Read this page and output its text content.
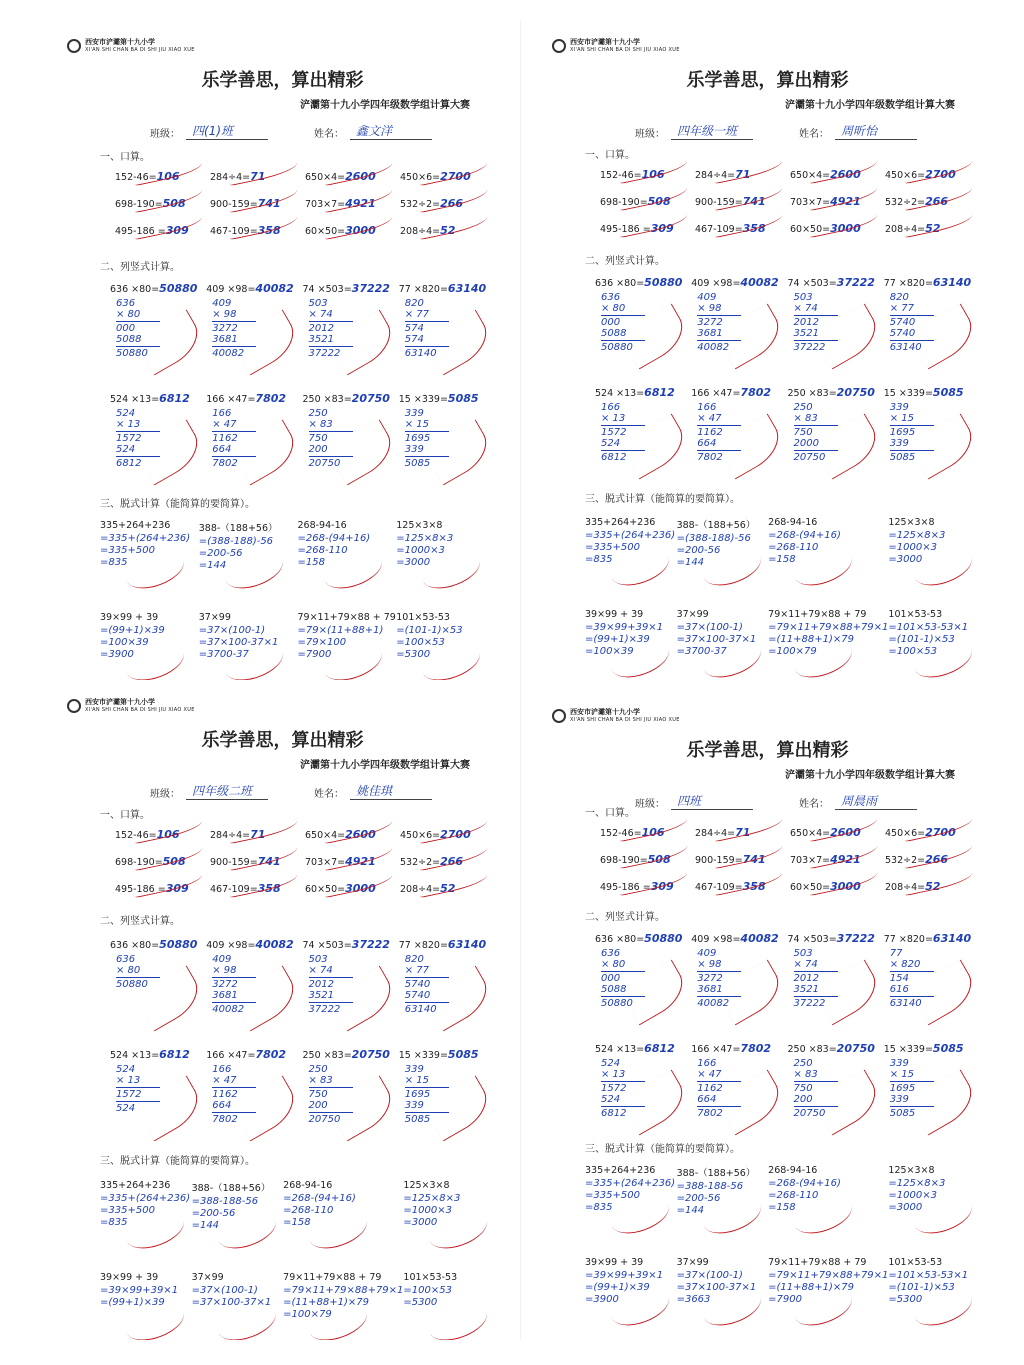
西安市浐灞第十九小学
XI'AN SHI CHAN BA DI SHI JIU XIAO XUE
乐学善思，算出精彩
浐灞第十九小学四年级数学组计算大赛
班级：	四(1)班	姓名：	鑫文洋
一、口算。
152-46=106	284÷4=71	650×4=2600	450×6=2700
698-190=508	900-159=741	703×7=4921	532÷2=266
495-186 =309	467-109=358	60×50=3000	208÷4=52
二、列竖式计算。
636 ×80=50880
636
× 80
000
5088
50880
409 ×98=40082
409
× 98
3272
3681
40082
74 ×503=37222
503
× 74
2012
3521
37222
77 ×820=63140
820
× 77
574
574
63140
524 ×13=6812
524
× 13
1572
524
6812
166 ×47=7802
166
× 47
1162
664
7802
250 ×83=20750
250
× 83
750
200
20750
15 ×339=5085
339
× 15
1695
339
5085
三、脱式计算（能简算的要简算）。
335+264+236
=335+(264+236)
=335+500
=835
388-（188+56）
=(388-188)-56
=200-56
=144
268-94-16
=268-(94+16)
=268-110
=158
125×3×8
=125×8×3
=1000×3
=3000
39×99 + 39
=(99+1)×39
=100×39
=3900
37×99
=37×(100-1)
=37×100-37×1
=3700-37
79×11+79×88 + 79
=79×(11+88+1)
=79×100
=7900
101×53-53
=(101-1)×53
=100×53
=5300
西安市浐灞第十九小学
XI'AN SHI CHAN BA DI SHI JIU XIAO XUE
乐学善思，算出精彩
浐灞第十九小学四年级数学组计算大赛
班级：	四年级一班	姓名：	周昕怡
一、口算。
152-46=106	284÷4=71	650×4=2600	450×6=2700
698-190=508	900-159=741	703×7=4921	532÷2=266
495-186 =309	467-109=358	60×50=3000	208÷4=52
二、列竖式计算。
636 ×80=50880
636
× 80
000
5088
50880
409 ×98=40082
409
× 98
3272
3681
40082
74 ×503=37222
503
× 74
2012
3521
37222
77 ×820=63140
820
× 77
5740
5740
63140
524 ×13=6812
166
× 13
1572
524
6812
166 ×47=7802
166
× 47
1162
664
7802
250 ×83=20750
250
× 83
750
2000
20750
15 ×339=5085
339
× 15
1695
339
5085
三、脱式计算（能简算的要简算）。
335+264+236
=335+(264+236)
=335+500
=835
388-（188+56）
=(388-188)-56
=200-56
=144
268-94-16
=268-(94+16)
=268-110
=158
125×3×8
=125×8×3
=1000×3
=3000
39×99 + 39
=39×99+39×1
=(99+1)×39
=100×39
37×99
=37×(100-1)
=37×100-37×1
=3700-37
79×11+79×88 + 79
=79×11+79×88+79×1
=(11+88+1)×79
=100×79
101×53-53
=101×53-53×1
=(101-1)×53
=100×53
西安市浐灞第十九小学
XI'AN SHI CHAN BA DI SHI JIU XIAO XUE
乐学善思，算出精彩
浐灞第十九小学四年级数学组计算大赛
班级：	四年级二班	姓名：	姚佳琪
一、口算。
152-46=106	284÷4=71	650×4=2600	450×6=2700
698-190=508	900-159=741	703×7=4921	532÷2=266
495-186 =309	467-109=358	60×50=3000	208÷4=52
二、列竖式计算。
636 ×80=50880
636
× 80
50880
409 ×98=40082
409
× 98
3272
3681
40082
74 ×503=37222
503
× 74
2012
3521
37222
77 ×820=63140
820
× 77
5740
5740
63140
524 ×13=6812
524
× 13
1572
524
166 ×47=7802
166
× 47
1162
664
7802
250 ×83=20750
250
× 83
750
200
20750
15 ×339=5085
339
× 15
1695
339
5085
三、脱式计算（能简算的要简算）。
335+264+236
=335+(264+236)
=335+500
=835
388-（188+56）
=388-188-56
=200-56
=144
268-94-16
=268-(94+16)
=268-110
=158
125×3×8
=125×8×3
=1000×3
=3000
39×99 + 39
=39×99+39×1
=(99+1)×39
37×99
=37×(100-1)
=37×100-37×1
79×11+79×88 + 79
=79×11+79×88+79×1
=(11+88+1)×79
=100×79
101×53-53
=100×53
=5300
西安市浐灞第十九小学
XI'AN SHI CHAN BA DI SHI JIU XIAO XUE
乐学善思，算出精彩
浐灞第十九小学四年级数学组计算大赛
班级：	四班	姓名：	周晨雨
一、口算。
152-46=106	284÷4=71	650×4=2600	450×6=2700
698-190=508	900-159=741	703×7=4921	532÷2=266
495-186 =309	467-109=358	60×50=3000	208÷4=52
二、列竖式计算。
636 ×80=50880
636
× 80
000
5088
50880
409 ×98=40082
409
× 98
3272
3681
40082
74 ×503=37222
503
× 74
2012
3521
37222
77 ×820=63140
77
× 820
154
616
63140
524 ×13=6812
524
× 13
1572
524
6812
166 ×47=7802
166
× 47
1162
664
7802
250 ×83=20750
250
× 83
750
200
20750
15 ×339=5085
339
× 15
1695
339
5085
三、脱式计算（能简算的要简算）。
335+264+236
=335+(264+236)
=335+500
=835
388-（188+56）
=388-188-56
=200-56
=144
268-94-16
=268-(94+16)
=268-110
=158
125×3×8
=125×8×3
=1000×3
=3000
39×99 + 39
=39×99+39×1
=(99+1)×39
=3900
37×99
=37×(100-1)
=37×100-37×1
=3663
79×11+79×88 + 79
=79×11+79×88+79×1
=(11+88+1)×79
=7900
101×53-53
=101×53-53×1
=(101-1)×53
=5300
